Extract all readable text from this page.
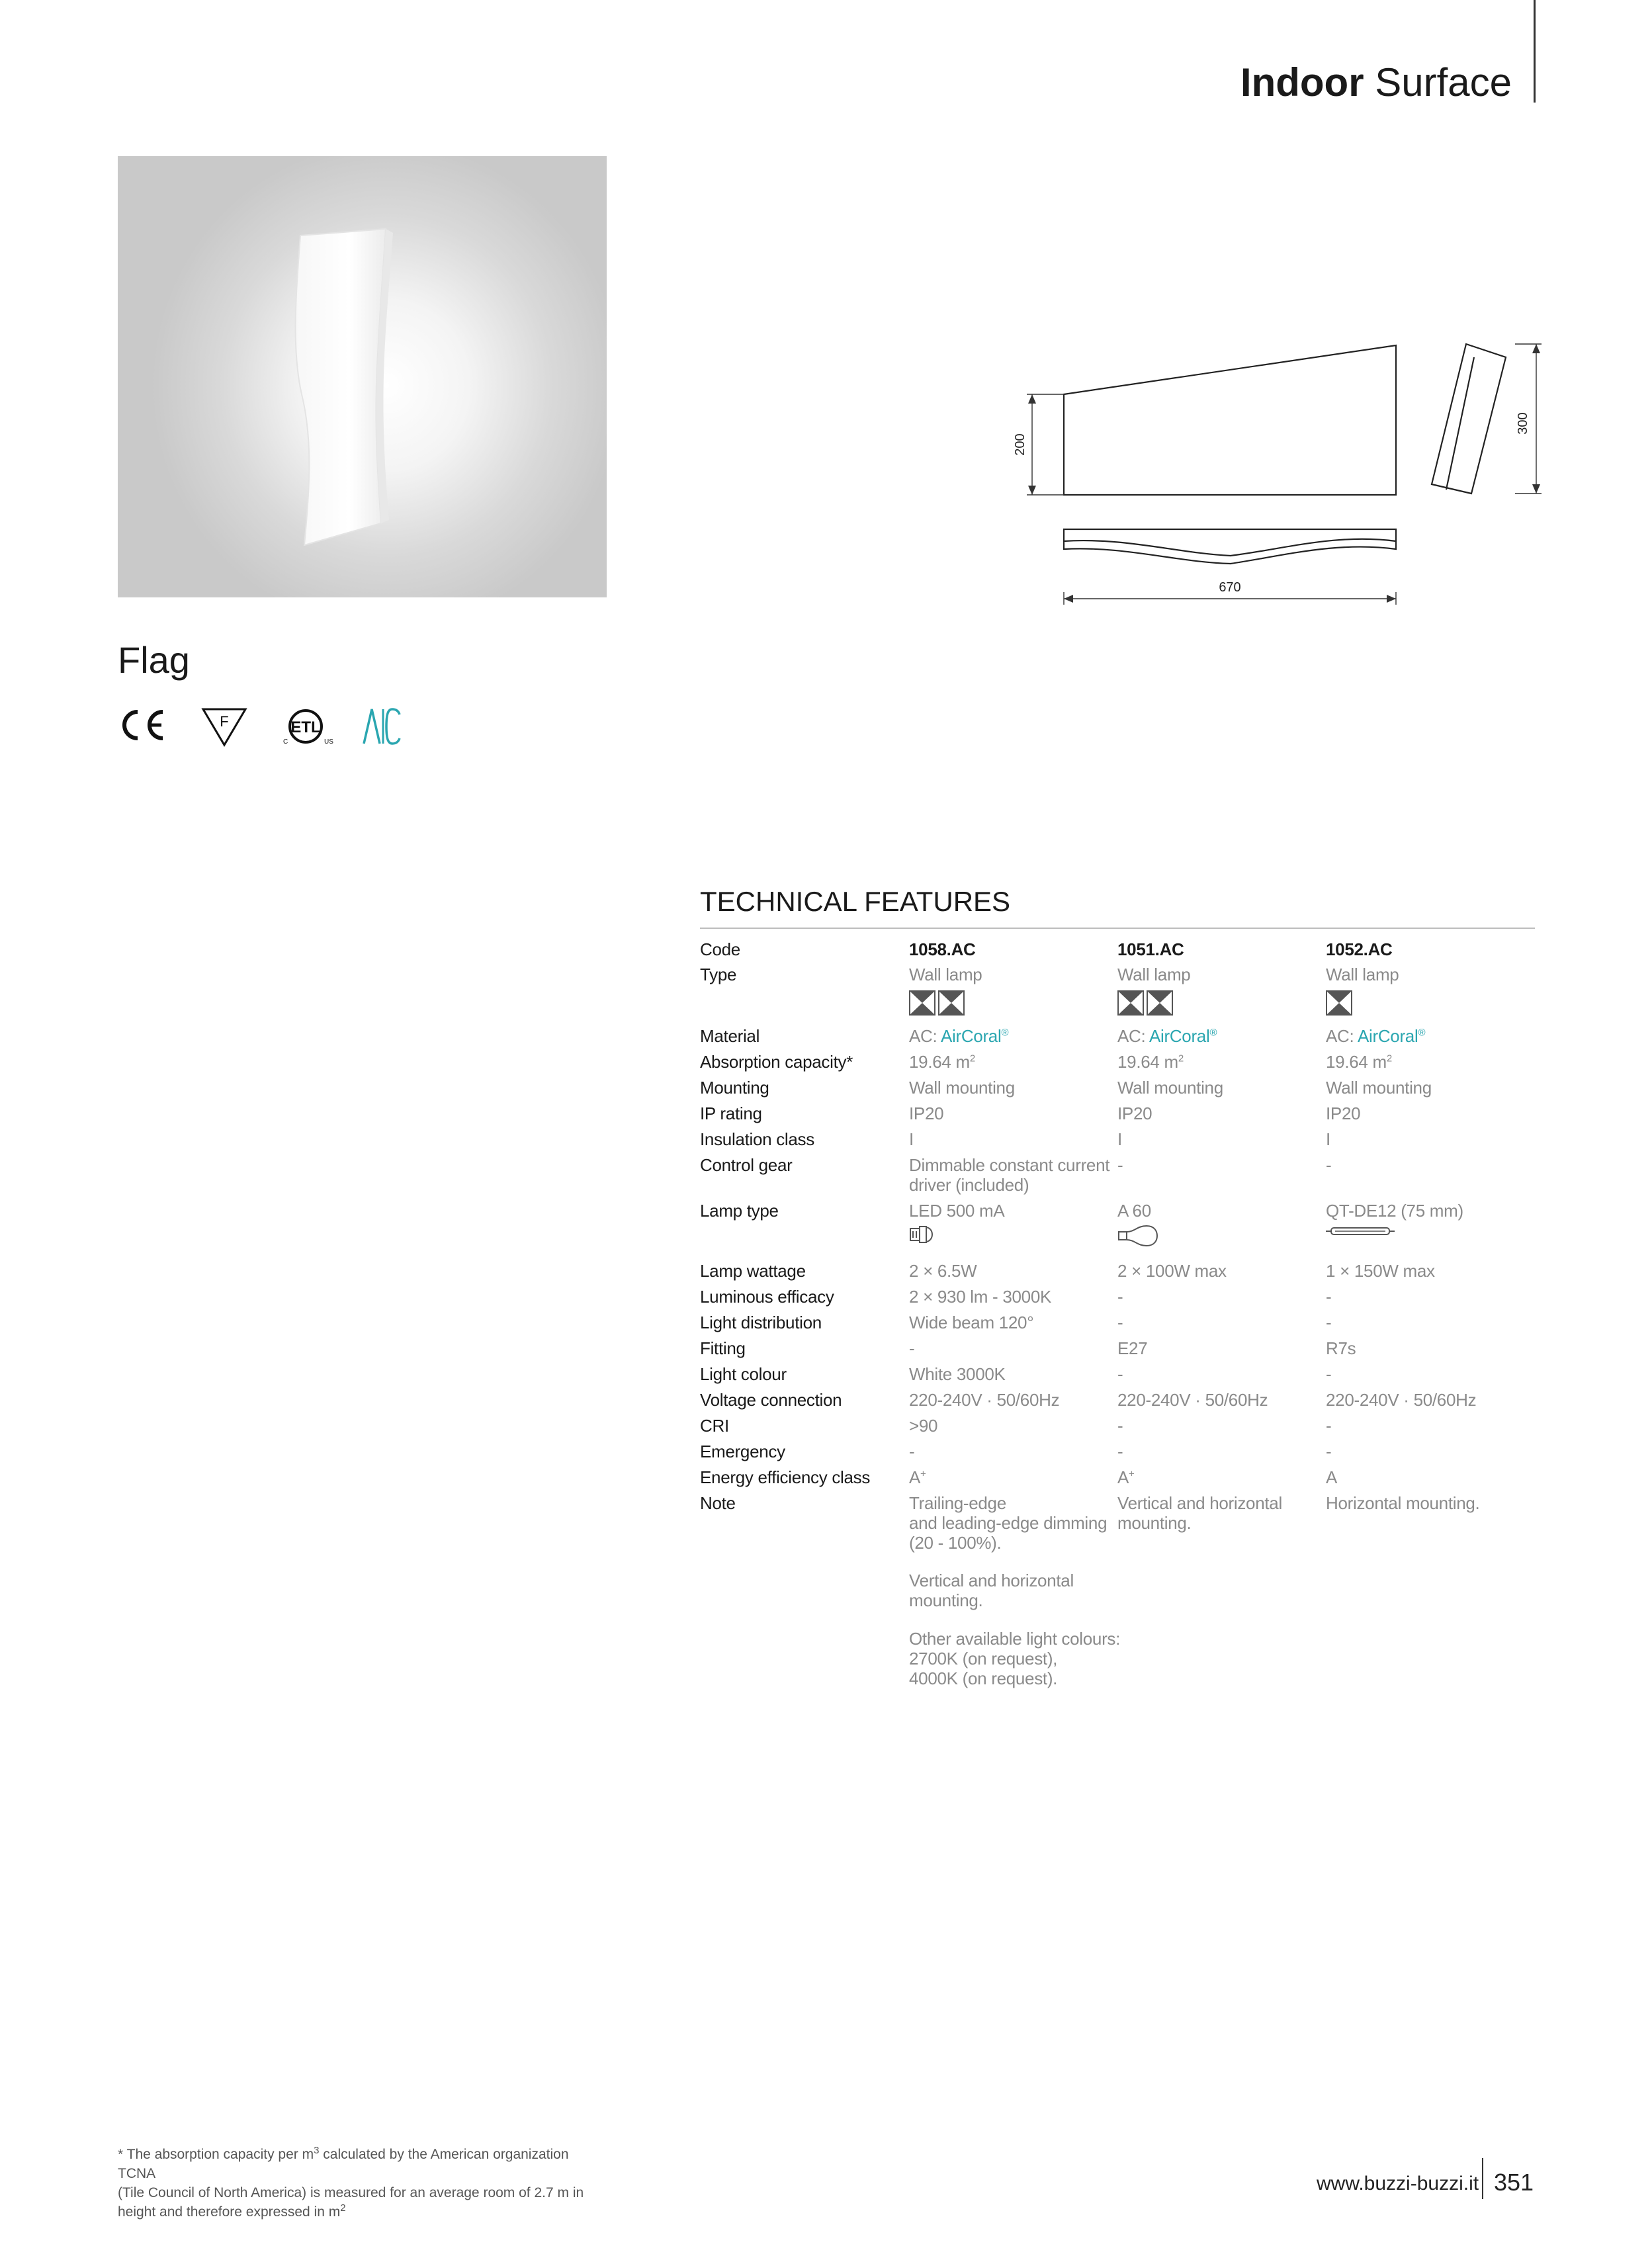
Indoor Surface
200
300
670
Flag
F	ETL
C	US
TECHNICAL FEATURES
Code
Type
Material
Absorption capacity*
Mounting
IP rating
Insulation class
Control gear
Lamp type
Lamp wattage
Luminous efficacy
Light distribution
Fitting
Light colour
Voltage connection
CRI
Emergency
Energy efficiency class
Note
1058.AC
Wall lamp
AC: AirCoral®
19.64 $m^2$
Wall mounting
IP20
I
Dimmable constant current
driver (included)
LED 500 mA
2 × 6.5W
2 × 930 lm - 3000K
Wide beam 120°
-
White 3000K
220-240V · 50/60Hz
>90
-
A+
Trailing-edge
and leading-edge dimming
(20 - 100%).
Vertical and horizontal
mounting.
Other available light colours:
2700K (on request),
4000K (on request).
1051.AC
Wall lamp
AC: AirCoral®
19.64 $m^2$
Wall mounting
IP20
I
-
A 60
2 × 100W max
-
-
E27
-
220-240V · 50/60Hz
-
-
A+
Vertical and horizontal
mounting.
1052.AC
Wall lamp
AC: AirCoral®
19.64 $m^2$
Wall mounting
IP20
I
-
QT-DE12 (75 mm)
1 × 150W max
-
-
R7s
-
220-240V · 50/60Hz
-
-
A
Horizontal mounting.
* The absorption capacity per $m^3$ calculated by the American organization TCNA
(Tile Council of North America) is measured for an average room of 2.7 m in
height and therefore expressed in $m^2$
www.buzzi-buzzi.it 351
